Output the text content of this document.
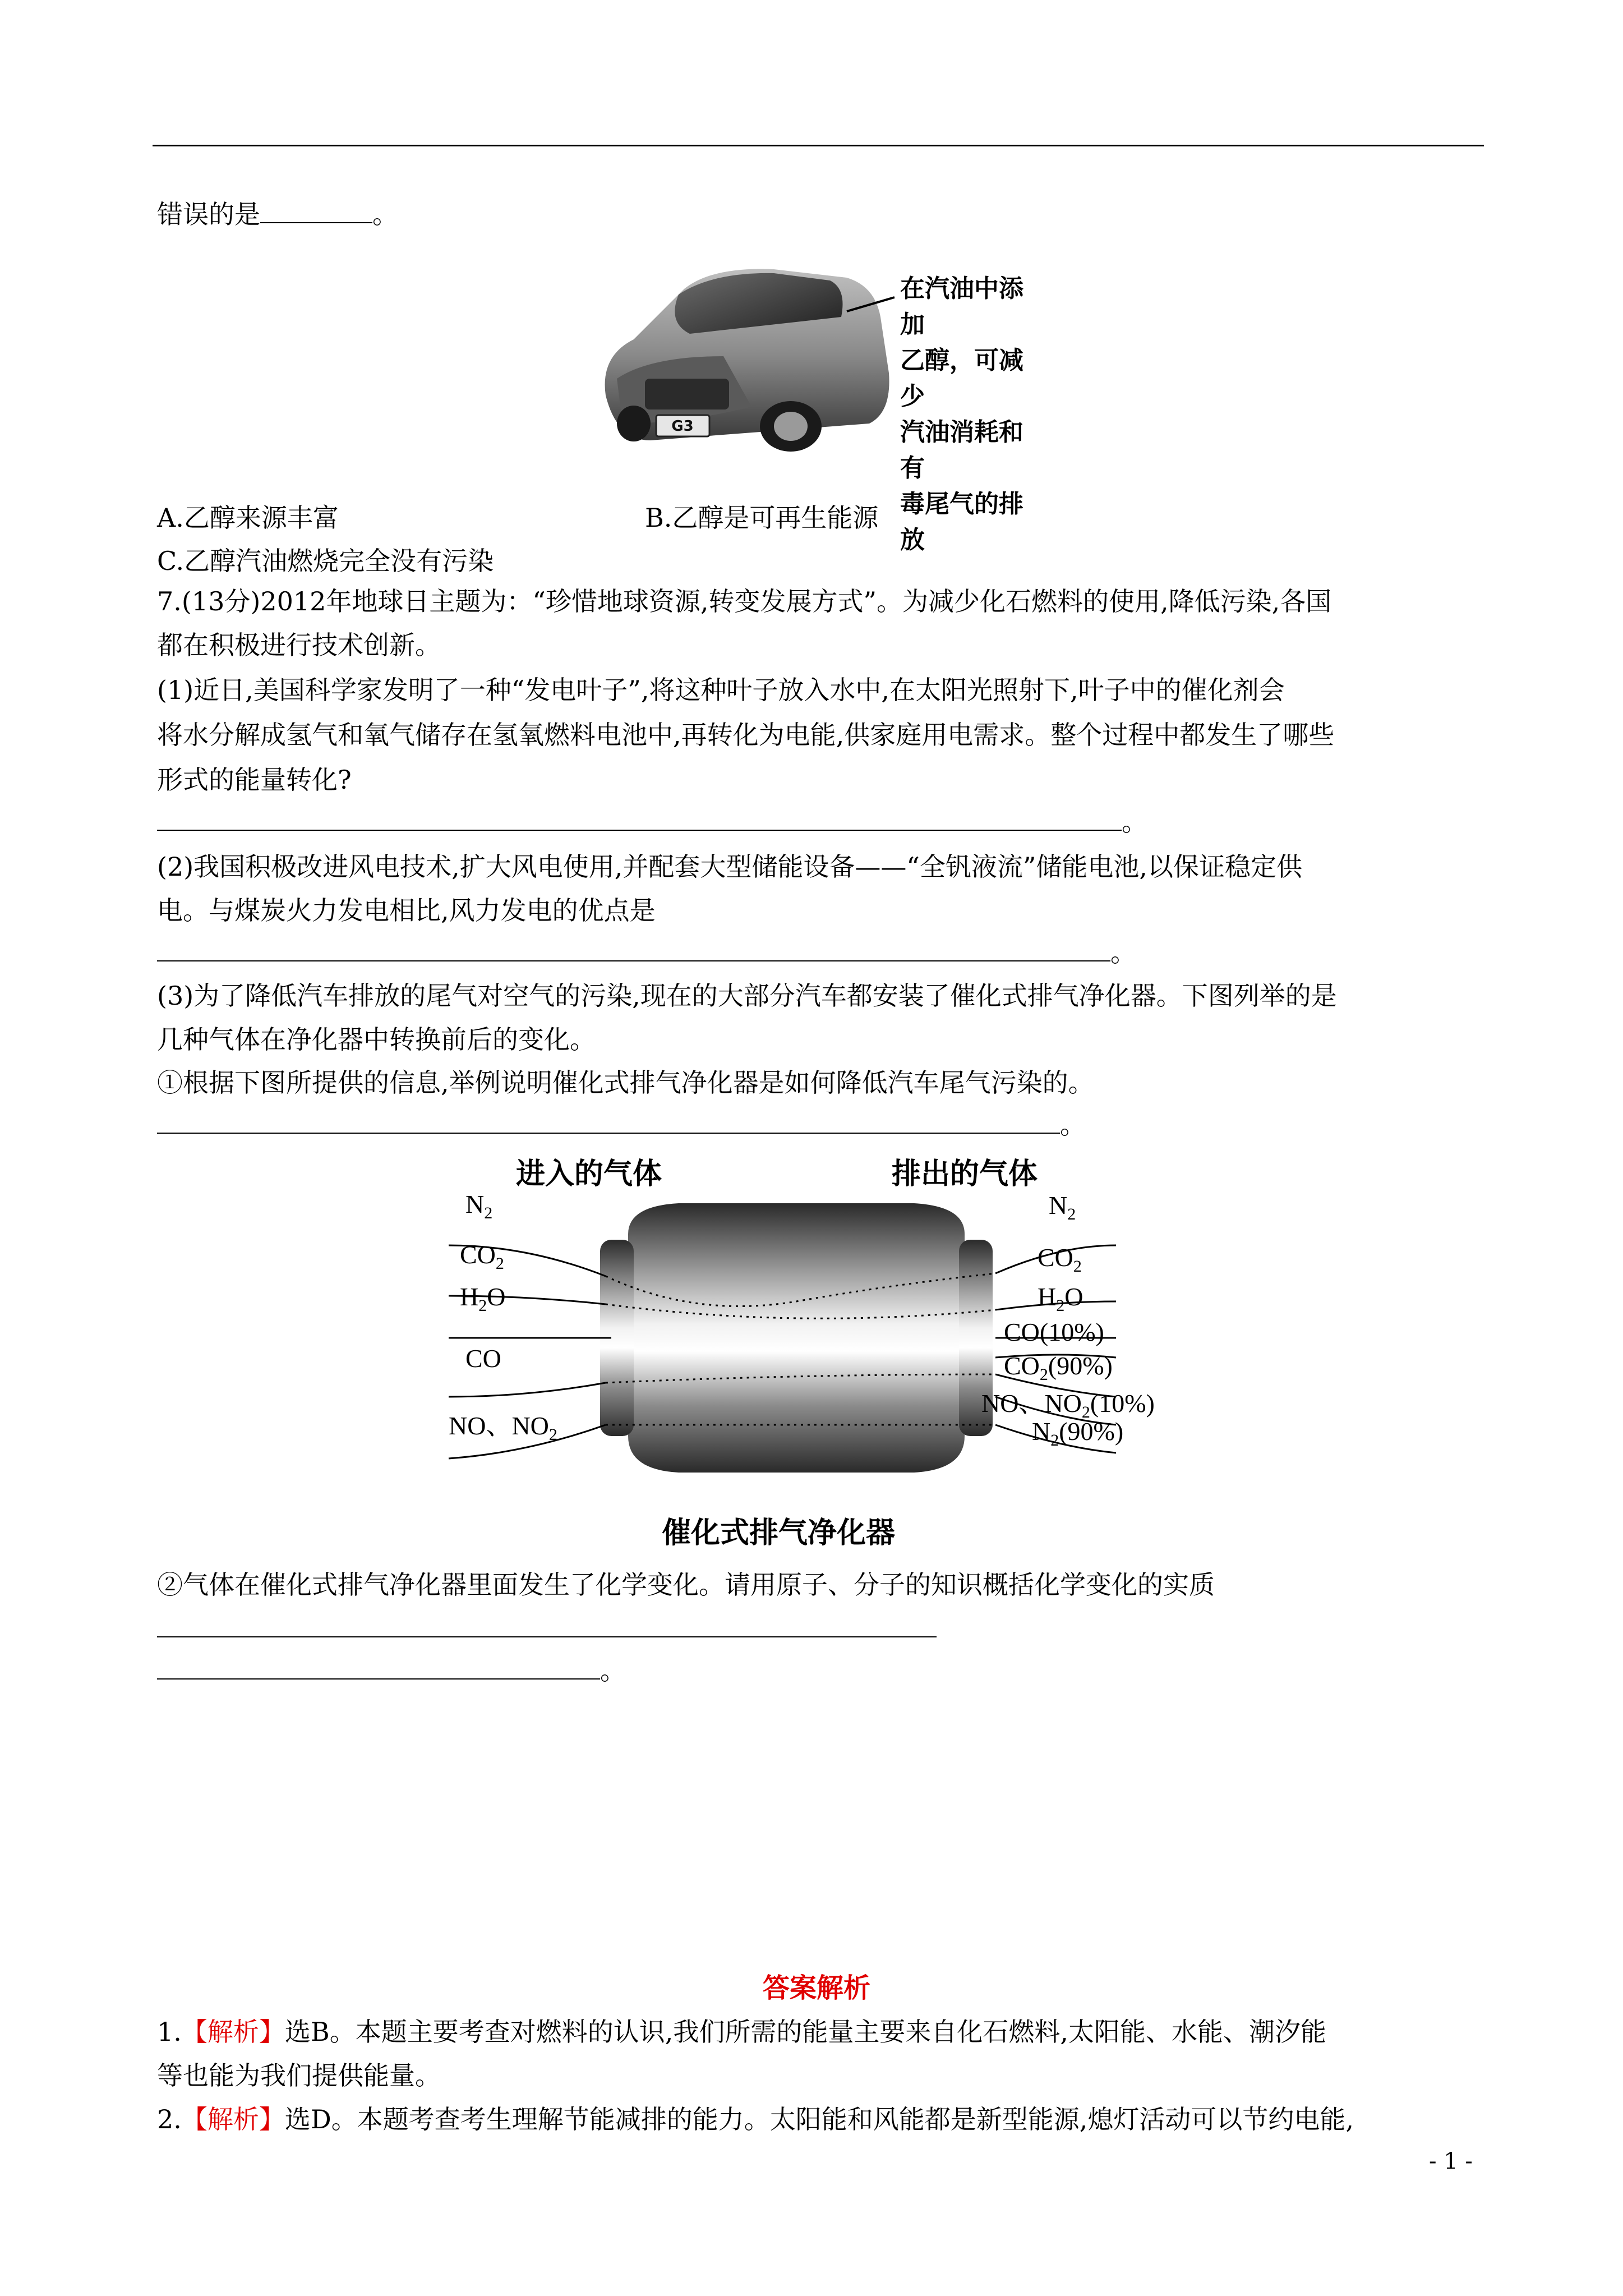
错误的是	。
G3
在汽油中添加
乙醇，可减少
汽油消耗和有
毒尾气的排放
A.乙醇来源丰富	B.乙醇是可再生能源
C.乙醇汽油燃烧完全没有污染
7.(13分)2012年地球日主题为：“珍惜地球资源,转变发展方式”。为减少化石燃料的使用,降低污染,各国
都在积极进行技术创新。
(1)近日,美国科学家发明了一种“发电叶子”,将这种叶子放入水中,在太阳光照射下,叶子中的催化剂会
将水分解成氢气和氧气储存在氢氧燃料电池中,再转化为电能,供家庭用电需求。整个过程中都发生了哪些
形式的能量转化?
。
(2)我国积极改进风电技术,扩大风电使用,并配套大型储能设备——“全钒液流”储能电池,以保证稳定供
电。与煤炭火力发电相比,风力发电的优点是
。
(3)为了降低汽车排放的尾气对空气的污染,现在的大部分汽车都安装了催化式排气净化器。下图列举的是
几种气体在净化器中转换前后的变化。
①根据下图所提供的信息,举例说明催化式排气净化器是如何降低汽车尾气污染的。
。
进入的气体	排出的气体
$N_2$
$CO_2$
$H_2O$
CO
NO、$NO_2$
$N_2$
$CO_2$
$H_2O$
CO(10%)
$CO_2(90\%)$
NO、$NO_2(10\%)$
$N_2(90\%)$
催化式排气净化器
②气体在催化式排气净化器里面发生了化学变化。请用原子、分子的知识概括化学变化的实质
。
答案解析
1.【解析】选B。本题主要考查对燃料的认识,我们所需的能量主要来自化石燃料,太阳能、水能、潮汐能
等也能为我们提供能量。
2.【解析】选D。本题考查考生理解节能减排的能力。太阳能和风能都是新型能源,熄灯活动可以节约电能,
- 1 -
